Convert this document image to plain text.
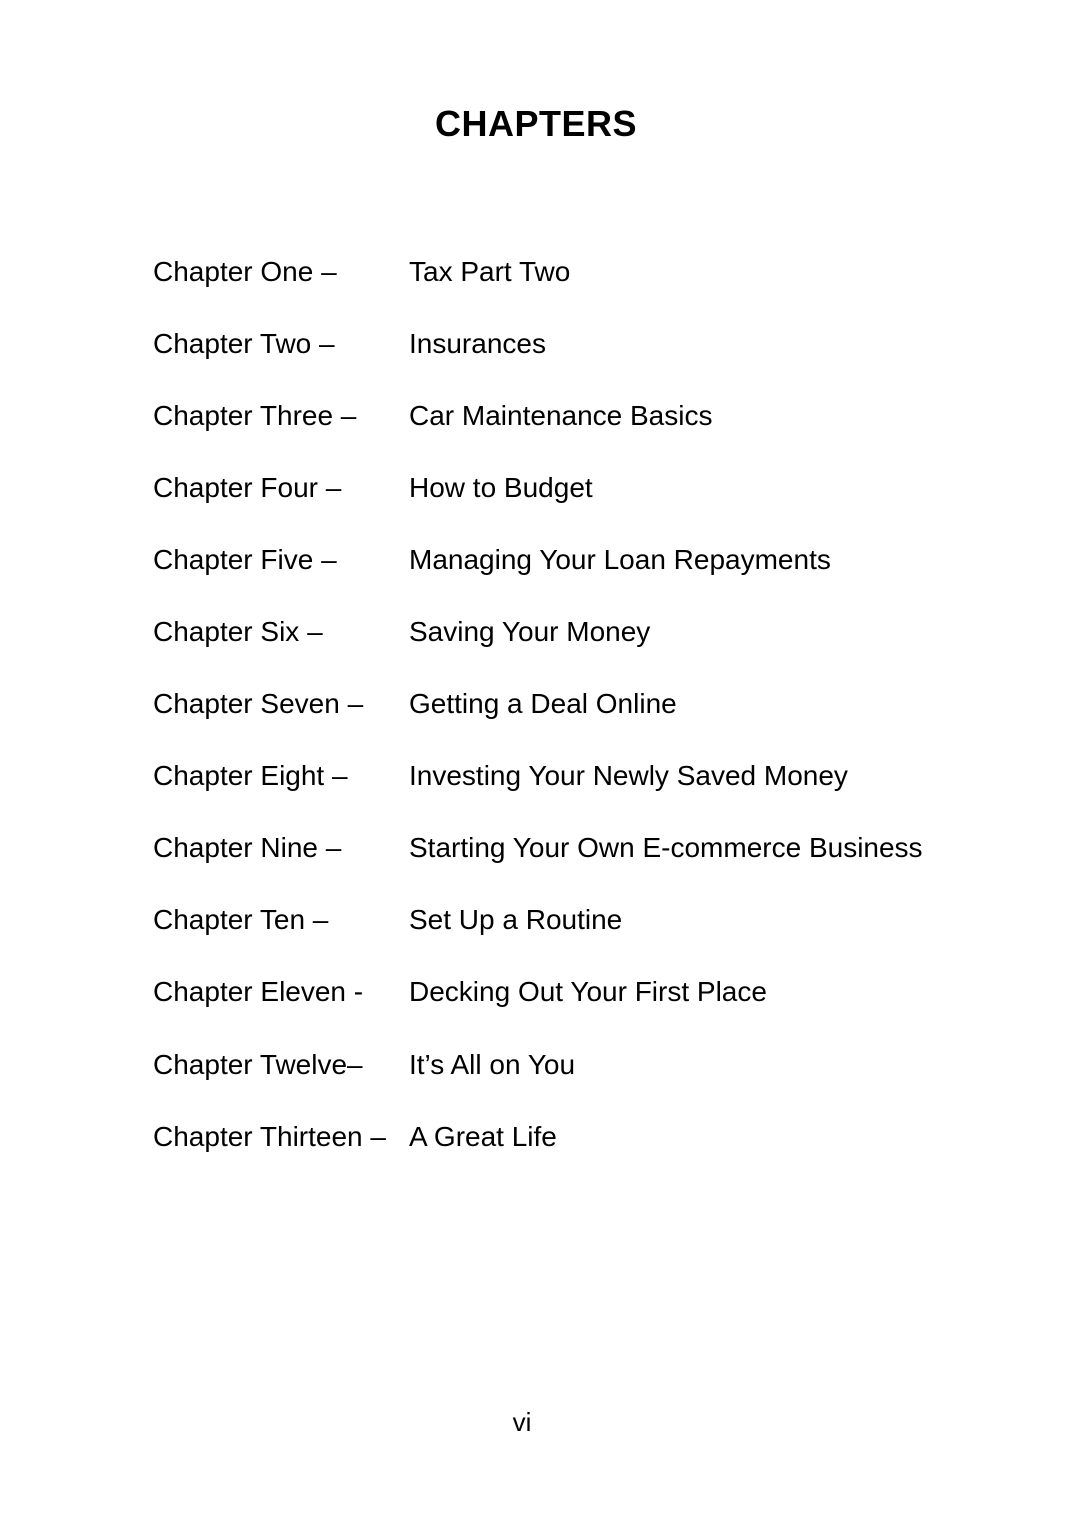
CHAPTERS
Chapter One –	Tax Part Two
Chapter Two –	Insurances
Chapter Three – Car Maintenance Basics
Chapter Four – How to Budget
Chapter Five –	Managing Your Loan Repayments
Chapter Six –	Saving Your Money
Chapter Seven – Getting a Deal Online
Chapter Eight – Investing Your Newly Saved Money
Chapter Nine – Starting Your Own E-commerce Business
Chapter Ten –	Set Up a Routine
Chapter Eleven - Decking Out Your First Place
Chapter Twelve– It’s All on You
Chapter Thirteen – A Great Life
vi
